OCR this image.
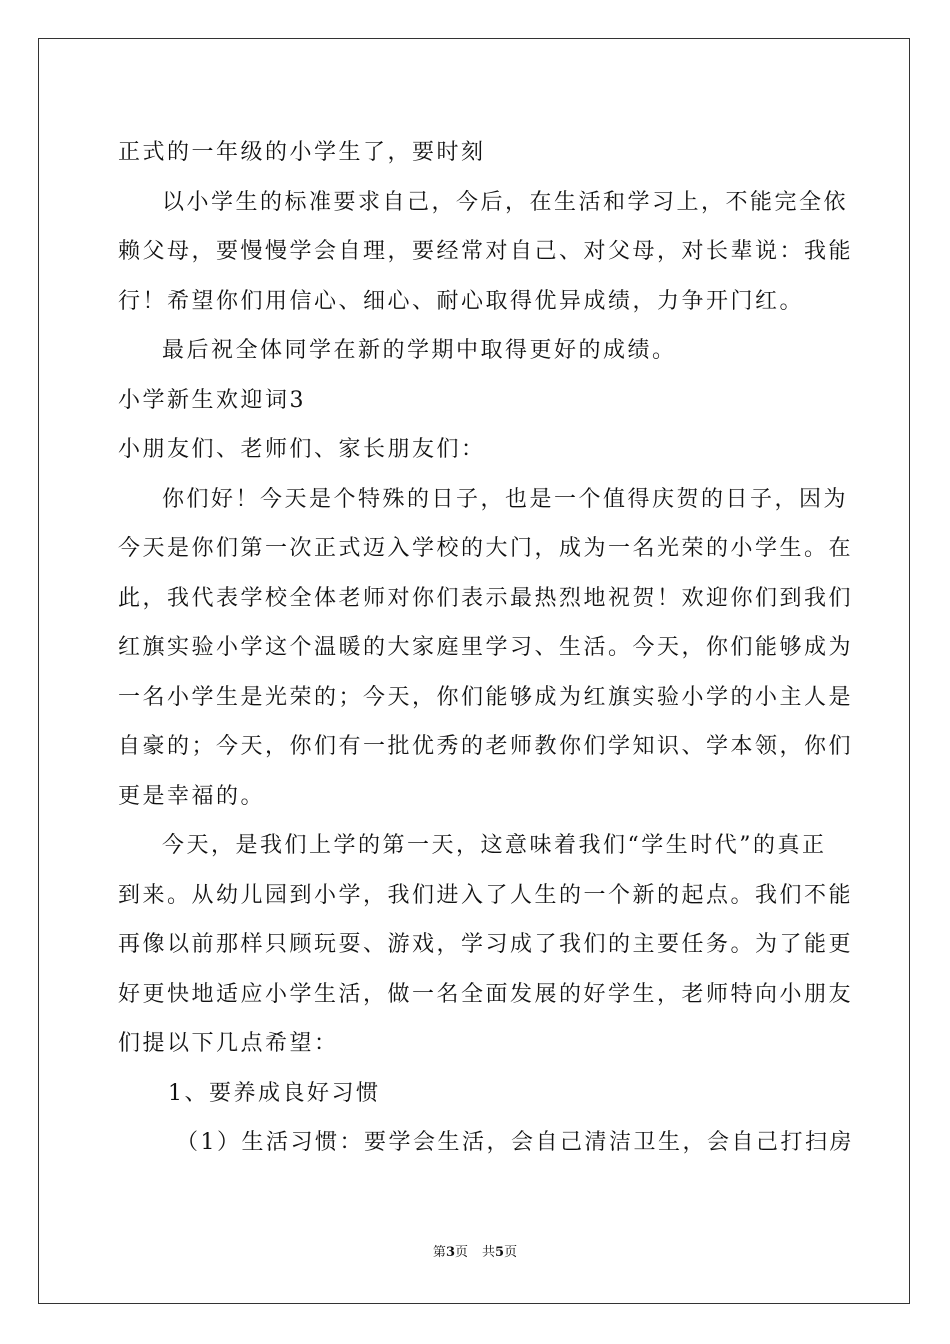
正式的一年级的小学生了，要时刻
以小学生的标准要求自己，今后，在生活和学习上，不能完全依
赖父母，要慢慢学会自理，要经常对自己、对父母，对长辈说：我能
行！希望你们用信心、细心、耐心取得优异成绩，力争开门红。
最后祝全体同学在新的学期中取得更好的成绩。
小学新生欢迎词3
小朋友们、老师们、家长朋友们：
你们好！今天是个特殊的日子，也是一个值得庆贺的日子，因为
今天是你们第一次正式迈入学校的大门，成为一名光荣的小学生。在
此，我代表学校全体老师对你们表示最热烈地祝贺！欢迎你们到我们
红旗实验小学这个温暖的大家庭里学习、生活。今天，你们能够成为
一名小学生是光荣的；今天，你们能够成为红旗实验小学的小主人是
自豪的；今天，你们有一批优秀的老师教你们学知识、学本领，你们
更是幸福的。
今天，是我们上学的第一天，这意味着我们“学生时代”的真正
到来。从幼儿园到小学，我们进入了人生的一个新的起点。我们不能
再像以前那样只顾玩耍、游戏，学习成了我们的主要任务。为了能更
好更快地适应小学生活，做一名全面发展的好学生，老师特向小朋友
们提以下几点希望：
1、要养成良好习惯
（1）生活习惯：要学会生活，会自己清洁卫生，会自己打扫房
第3页 共5页
